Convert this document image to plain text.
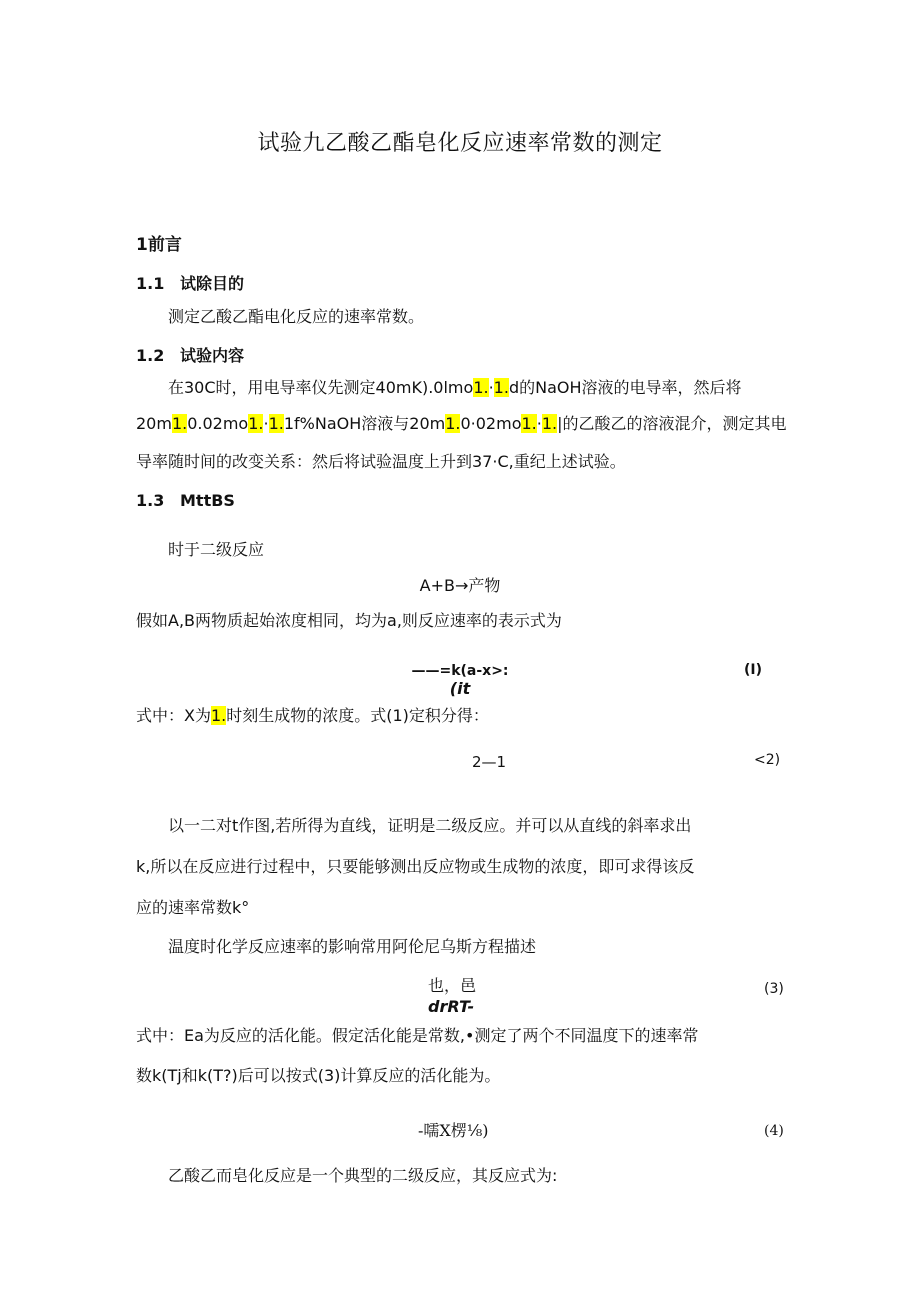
试验九乙酸乙酯皂化反应速率常数的测定
1前言
1.1 试除目的
测定乙酸乙酯电化反应的速率常数。
1.2 试验内容
在30C时，用电导率仪先测定40mK).0lmo1.·1.d的NaOH溶液的电导率，然后将
20m1.0.02mo1.·1.1f%NaOH溶液与20m1.0·02mo1.·1.|的乙酸乙的溶液混介，测定其电
导率随时间的改变关系：然后将试验温度上升到37·C,重纪上述试验。
1.3 MttBS
时于二级反应
A+B→产物
假如A,B两物质起始浓度相同，均为a,则反应速率的表示式为
——=k(a-x>:
(it
(I)
式中：X为1.时刻生成物的浓度。式(1)定积分得：
2—1	<2)
以一二对t作图,若所得为直线，证明是二级反应。并可以从直线的斜率求出
k,所以在反应进行过程中，只要能够测出反应物或生成物的浓度，即可求得该反
应的速率常数k°
温度时化学反应速率的影响常用阿伦尼乌斯方程描述
也，邑
drRT-
(3)
式中：Ea为反应的活化能。假定活化能是常数,•测定了两个不同温度下的速率常
数k(Tj和k(T?)后可以按式(3)计算反应的活化能为。
-嚅X楞⅛)	(4)
乙酸乙而皂化反应是一个典型的二级反应，其反应式为:
